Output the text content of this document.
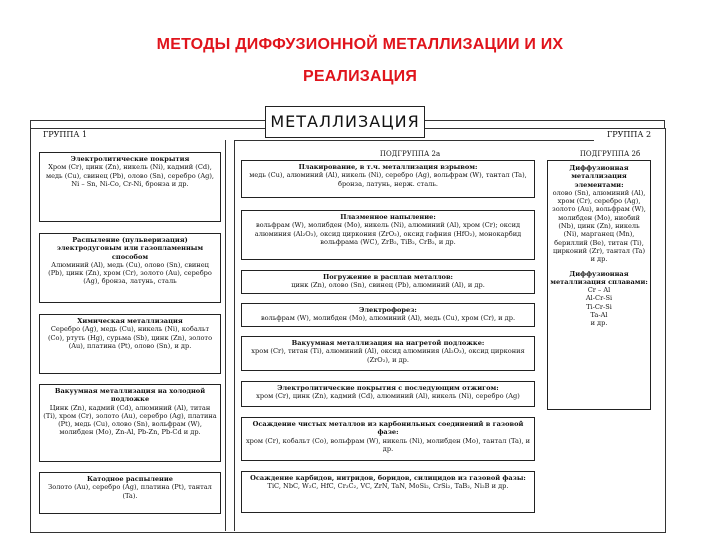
МЕТОДЫ ДИФФУЗИОННОЙ МЕТАЛЛИЗАЦИИ И ИХ
РЕАЛИЗАЦИЯ
МЕТАЛЛИЗАЦИЯ
ГРУППА 1	ГРУППА 2
Электролитические покрытия
Хром (Cr), цинк (Zn), никель (Ni), кадмий (Cd), медь (Cu), свинец (Pb), олово (Sn), серебро (Ag), Ni – Sn, Ni-Co, Cr-Ni, бронза и др.
Распыление (пульверизация) электродуговым или газопламенным способом
Алюминий (Al), медь (Cu), олово (Sn), свинец (Pb), цинк (Zn), хром (Cr), золото (Au), серебро (Ag), бронза, латунь, сталь
Химическая металлизация
Серебро (Ag), медь (Cu), никель (Ni), кобальт (Co), ртуть (Hg), сурьма (Sb), цинк (Zn), золото (Au), платина (Pt), олово (Sn), и др.
Вакуумная металлизация на холодной подложке
Цинк (Zn), кадмий (Cd), алюминий (Al), титан (Ti), хром (Cr), золото (Au), серебро (Ag), платина (Pt), медь (Cu), олово (Sn), вольфрам (W), молибден (Mo), Zn-Al, Pb-Zn, Pb-Cd и др.
Катодное распыление
Золото (Au), серебро (Ag), платина (Pt), тантал (Ta).
ПОДГРУППА 2а	ПОДГРУППА 2б
Плакирование, в т.ч. металлизация взрывом:
медь (Cu), алюминий (Al), никель (Ni), серебро (Ag), вольфрам (W), тантал (Ta), бронза, латунь, нерж. сталь.
Плазменное напыление:
вольфрам (W), молибден (Mo), никель (Ni), алюминий (Al), хром (Cr); оксид алюминия (Al₂O₃), оксид циркония (ZrO₂), оксид гафния (HfO₂), монокарбид вольфрама (WC), ZrB₂, TiB₂, CrB₂, и др.
Погружение в расплав металлов:
цинк (Zn), олово (Sn), свинец (Pb), алюминий (Al), и др.
Электрофорез:
вольфрам (W), молибден (Mo), алюминий (Al), медь (Cu), хром (Cr), и др.
Вакуумная металлизация на нагретой подложке:
хром (Cr), титан (Ti), алюминий (Al), оксид алюминия (Al₂O₃), оксид циркония (ZrO₂), и др.
Электролитические покрытия с последующим отжигом:
хром (Cr), цинк (Zn), кадмий (Cd), алюминий (Al), никель (Ni), серебро (Ag)
Осаждение чистых металлов из карбонильных соединений в газовой фазе:
хром (Cr), кобальт (Co), вольфрам (W), никель (Ni), молибден (Mo), тантал (Ta), и др.
Осаждение карбидов, нитридов, боридов, силицидов из газовой фазы:
TiC, NbC, W₂C, HfC, Cr₃C₂, VC, ZrN, TaN, MoSi₂, CrSi₂, TaB₂, Ni₂B и др.
Диффузионная металлизация элементами:
олово (Sn), алюминий (Al), хром (Cr), серебро (Ag), золото (Au), вольфрам (W), молибден (Mo), ниобий (Nb), цинк (Zn), никель (Ni), марганец (Mn), бериллий (Be), титан (Ti), цирконий (Zr), тантал (Ta) и др.
Диффузионная металлизация сплавами:
Cr – Al
Al-Cr-Si
Ti-Cr-Si
Ta-Al
и др.
